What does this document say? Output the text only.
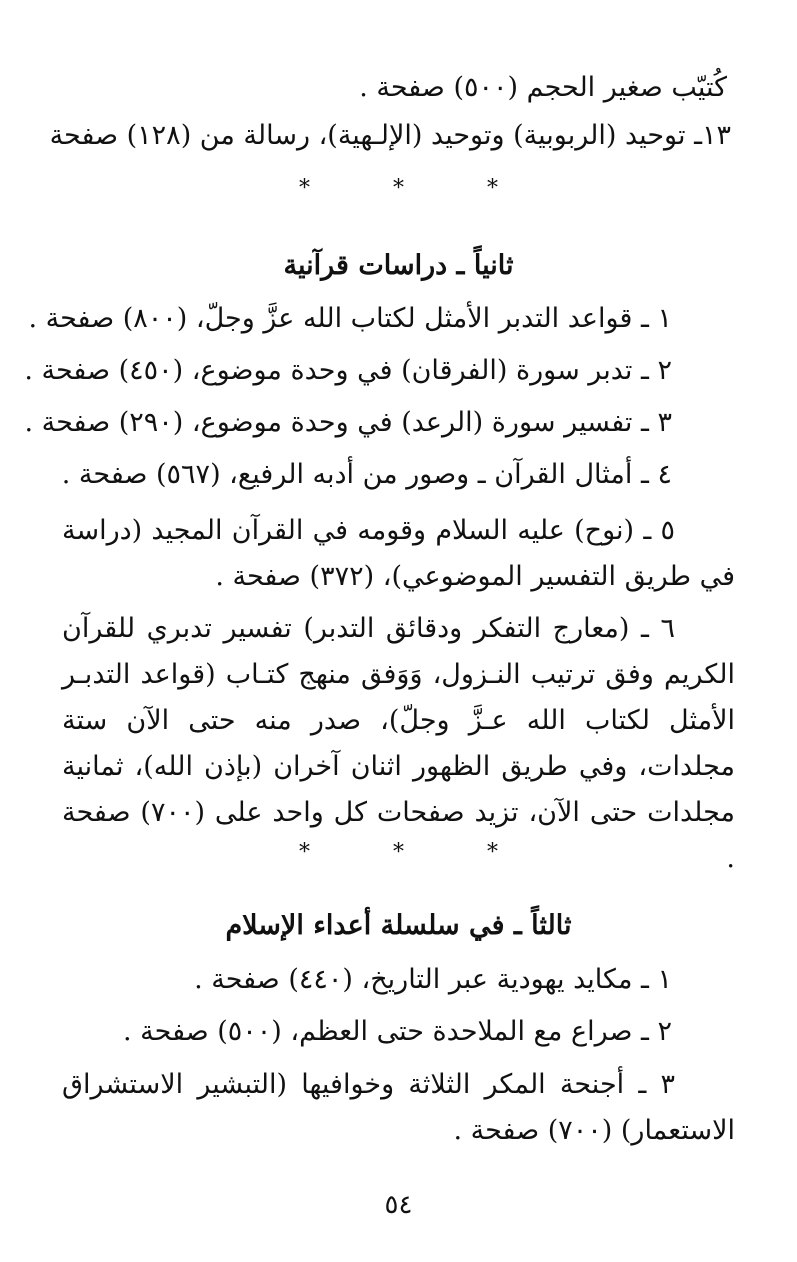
كُتيّب صغير الحجم (٥٠٠) صفحة .
١٣ـ توحيد (الربوبية) وتوحيد (الإلـهية)، رسالة من (١٢٨) صفحة
* * *
ثانياً ـ دراسات قرآنية
١ ـ قواعد التدبر الأمثل لكتاب الله عزَّ وجلّ، (٨٠٠) صفحة .
٢ ـ تدبر سورة (الفرقان) في وحدة موضوع، (٤٥٠) صفحة .
٣ ـ تفسير سورة (الرعد) في وحدة موضوع، (٢٩٠) صفحة .
٤ ـ أمثال القرآن ـ وصور من أدبه الرفيع، (٥٦٧) صفحة .
٥ ـ (نوح) عليه السلام وقومه في القرآن المجيد (دراسة في طريق التفسير الموضوعي)، (٣٧٢) صفحة .
٦ ـ (معارج التفكر ودقائق التدبر) تفسير تدبري للقرآن الكريم وفق ترتيب النـزول، وَوَفق منهج كتـاب (قواعد التدبـر الأمثل لكتاب الله عـزَّ وجلّ)، صدر منه حتى الآن ستة مجلدات، وفي طريق الظهور اثنان آخران (بإذن الله)، ثمانية مجلدات حتى الآن، تزيد صفحات كل واحد على (٧٠٠) صفحة .
* * *
ثالثاً ـ في سلسلة أعداء الإسلام
١ ـ مكايد يهودية عبر التاريخ، (٤٤٠) صفحة .
٢ ـ صراع مع الملاحدة حتى العظم، (٥٠٠) صفحة .
٣ ـ أجنحة المكر الثلاثة وخوافيها (التبشير الاستشراق الاستعمار) (٧٠٠) صفحة .
٥٤
